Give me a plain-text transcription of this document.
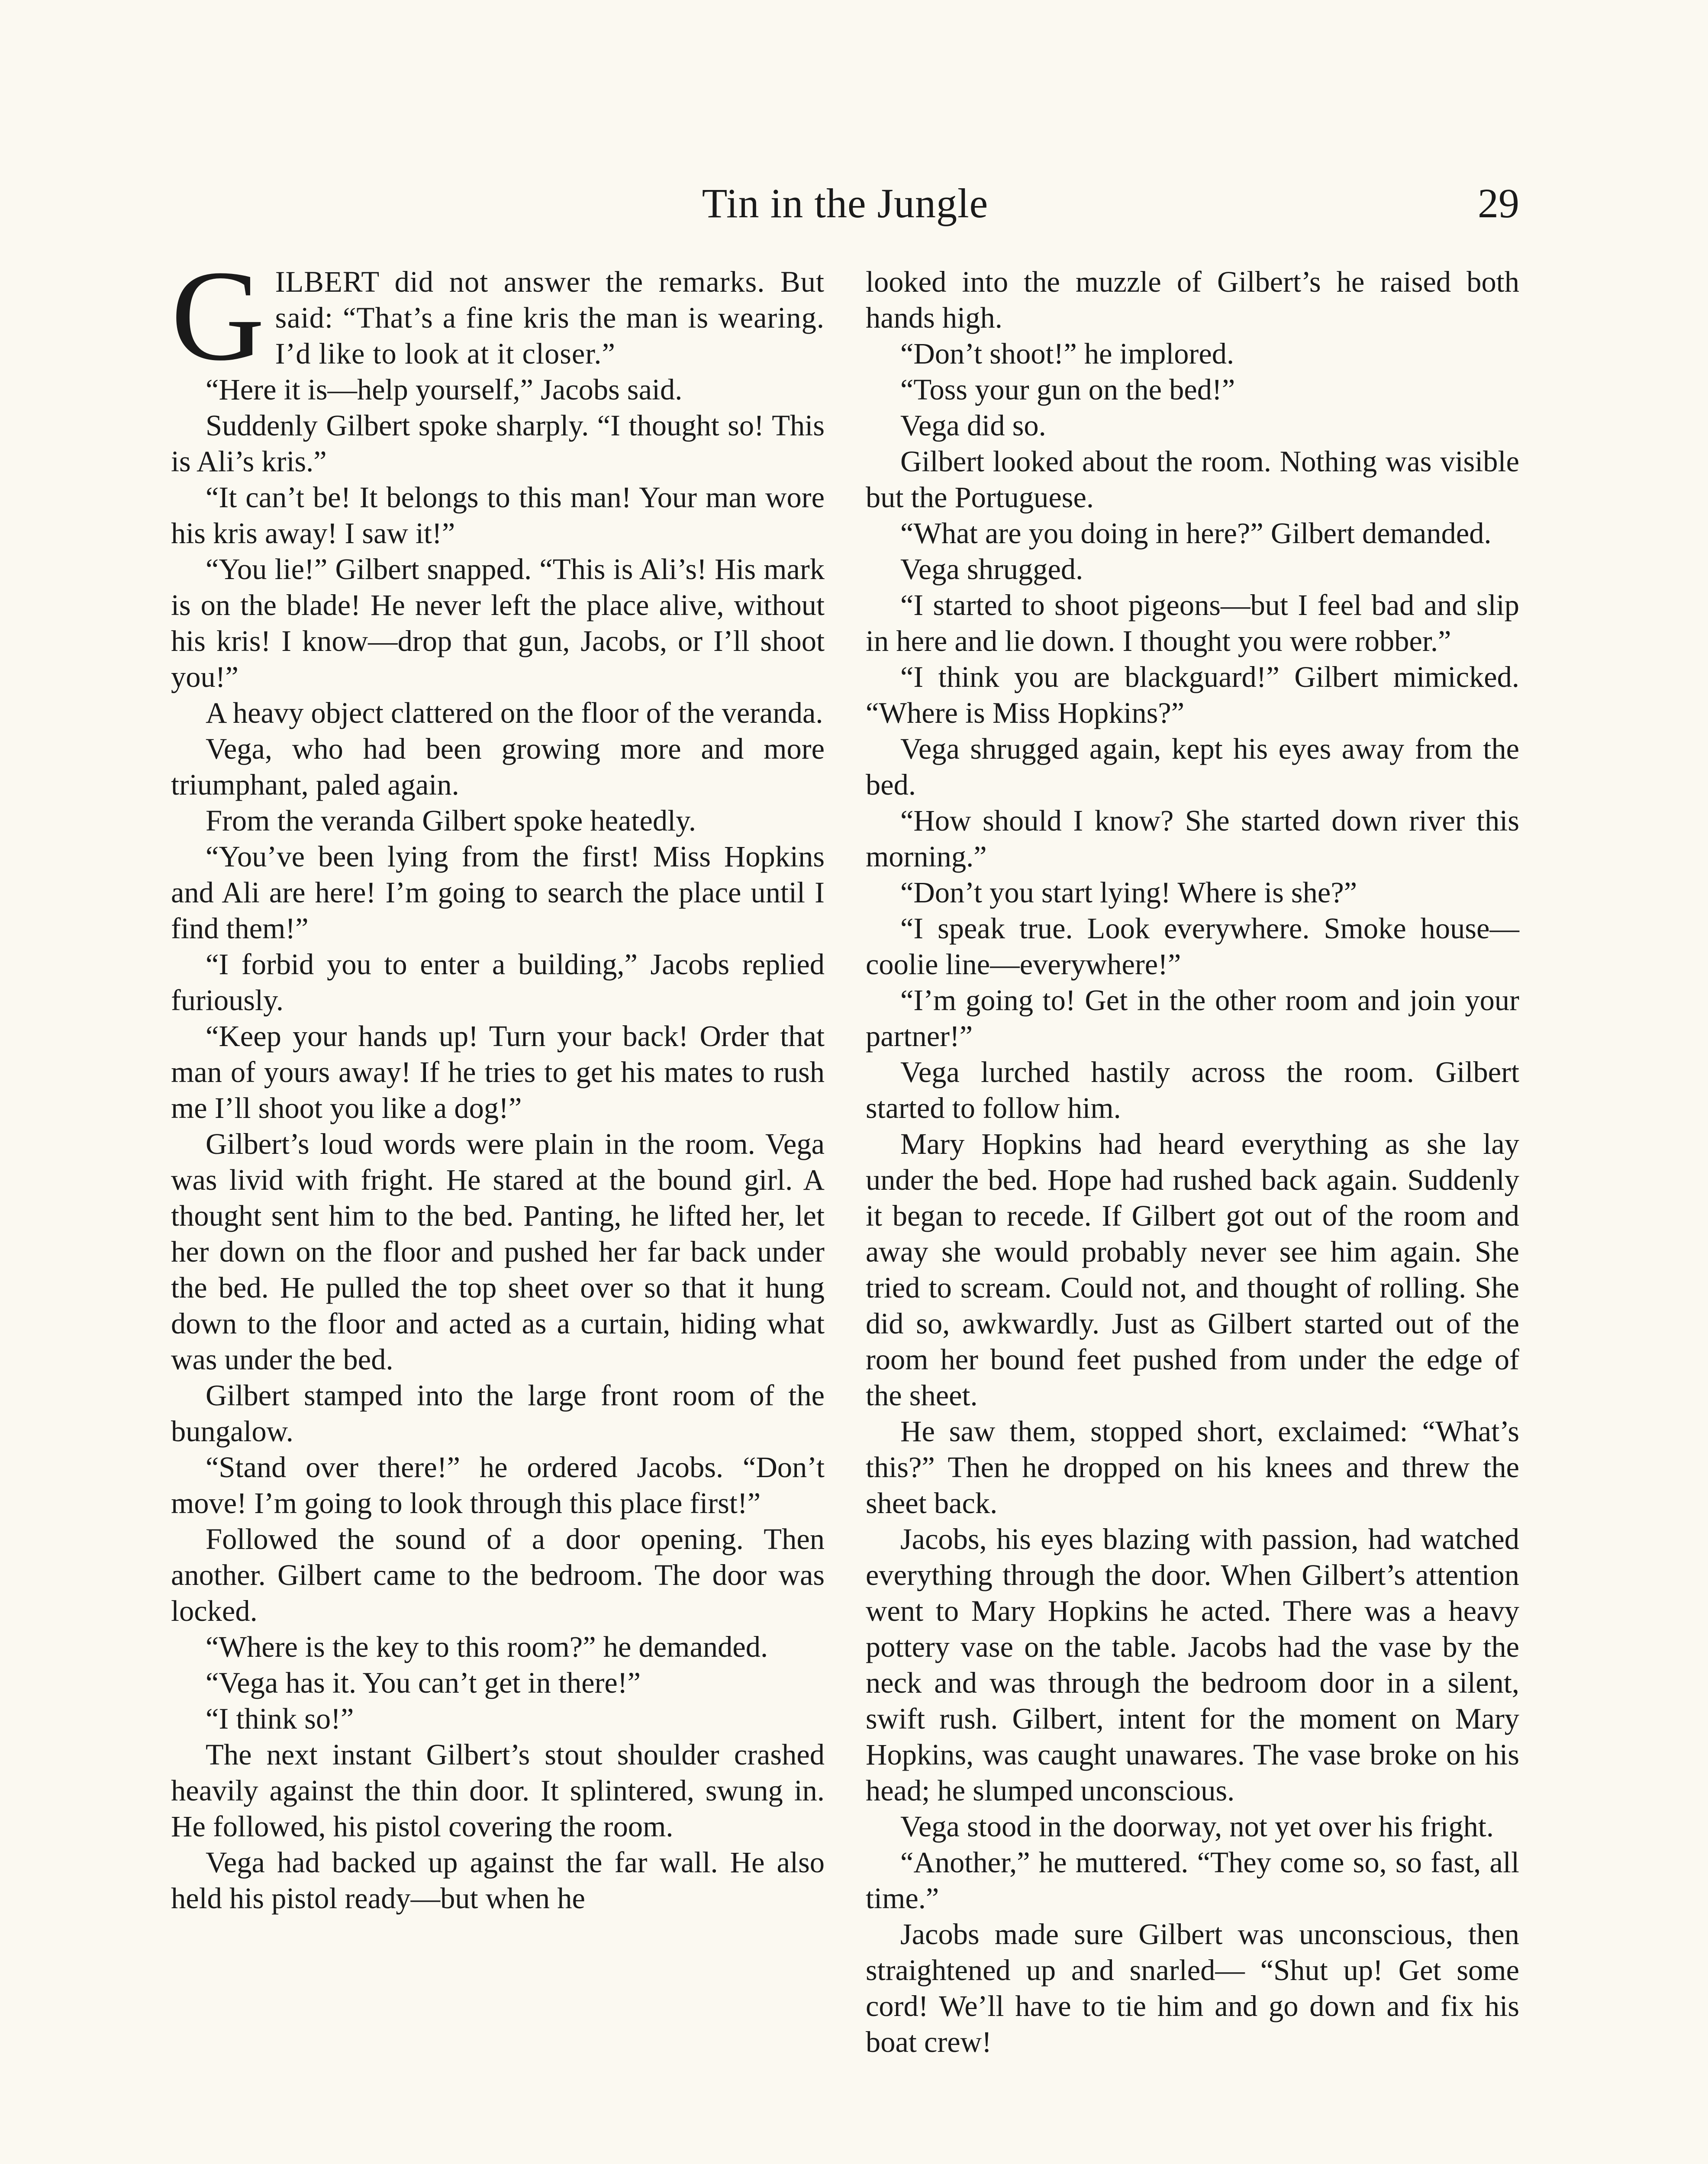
Tin in the Jungle	29

GILBERT did not answer the remarks. But said: “That’s a fine kris the man is wearing. I’d like to look at it closer.”

“Here it is—help yourself,” Jacobs said.

Suddenly Gilbert spoke sharply. “I thought so! This is Ali’s kris.”

“It can’t be! It belongs to this man! Your man wore his kris away! I saw it!”

“You lie!” Gilbert snapped. “This is Ali’s! His mark is on the blade! He never left the place alive, without his kris! I know—drop that gun, Jacobs, or I’ll shoot you!”

A heavy object clattered on the floor of the veranda.

Vega, who had been growing more and more triumphant, paled again.

From the veranda Gilbert spoke heatedly.

“You’ve been lying from the first! Miss Hopkins and Ali are here! I’m going to search the place until I find them!”

“I forbid you to enter a building,” Jacobs replied furiously.

“Keep your hands up! Turn your back! Order that man of yours away! If he tries to get his mates to rush me I’ll shoot you like a dog!”

Gilbert’s loud words were plain in the room. Vega was livid with fright. He stared at the bound girl. A thought sent him to the bed. Panting, he lifted her, let her down on the floor and pushed her far back under the bed. He pulled the top sheet over so that it hung down to the floor and acted as a curtain, hiding what was under the bed.

Gilbert stamped into the large front room of the bungalow.

“Stand over there!” he ordered Jacobs. “Don’t move! I’m going to look through this place first!”

Followed the sound of a door opening. Then another. Gilbert came to the bedroom. The door was locked.

“Where is the key to this room?” he demanded.

“Vega has it. You can’t get in there!”

“I think so!”

The next instant Gilbert’s stout shoulder crashed heavily against the thin door. It splintered, swung in. He followed, his pistol covering the room.

Vega had backed up against the far wall. He also held his pistol ready—but when he

looked into the muzzle of Gilbert’s he raised both hands high.

“Don’t shoot!” he implored.

“Toss your gun on the bed!”

Vega did so.

Gilbert looked about the room. Nothing was visible but the Portuguese.

“What are you doing in here?” Gilbert demanded.

Vega shrugged.

“I started to shoot pigeons—but I feel bad and slip in here and lie down. I thought you were robber.”

“I think you are blackguard!” Gilbert mimicked. “Where is Miss Hopkins?”

Vega shrugged again, kept his eyes away from the bed.

“How should I know? She started down river this morning.”

“Don’t you start lying! Where is she?”

“I speak true. Look everywhere. Smoke house—coolie line—everywhere!”

“I’m going to! Get in the other room and join your partner!”

Vega lurched hastily across the room. Gilbert started to follow him.

Mary Hopkins had heard everything as she lay under the bed. Hope had rushed back again. Suddenly it began to recede. If Gilbert got out of the room and away she would probably never see him again. She tried to scream. Could not, and thought of rolling. She did so, awkwardly. Just as Gilbert started out of the room her bound feet pushed from under the edge of the sheet.

He saw them, stopped short, exclaimed: “What’s this?” Then he dropped on his knees and threw the sheet back.

Jacobs, his eyes blazing with passion, had watched everything through the door. When Gilbert’s attention went to Mary Hopkins he acted. There was a heavy pottery vase on the table. Jacobs had the vase by the neck and was through the bedroom door in a silent, swift rush. Gilbert, intent for the moment on Mary Hopkins, was caught unawares. The vase broke on his head; he slumped unconscious.

Vega stood in the doorway, not yet over his fright.

“Another,” he muttered. “They come so, so fast, all time.”

Jacobs made sure Gilbert was unconscious, then straightened up and snarled— “Shut up! Get some cord! We’ll have to tie him and go down and fix his boat crew!
